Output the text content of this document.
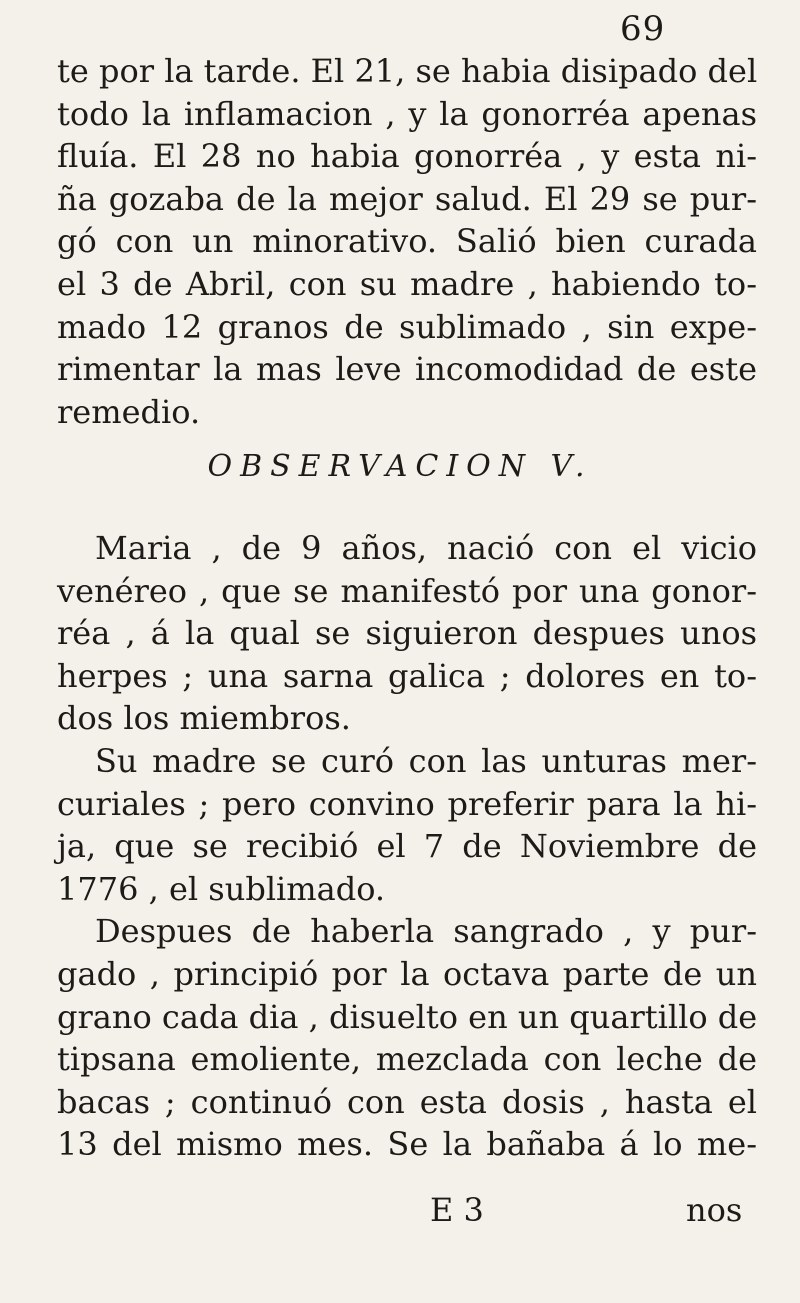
69
te por la tarde. El 21, se habia disipado del
todo la inflamacion , y la gonorréa apenas
fluía. El 28 no habia gonorréa , y esta ni-
ña gozaba de la mejor salud. El 29 se pur-
gó con un minorativo. Salió bien curada
el 3 de Abril, con su madre , habiendo to-
mado 12 granos de sublimado , sin expe-
rimentar la mas leve incomodidad de este
remedio.
OBSERVACION V.
Maria , de 9 años, nació con el vicio
venéreo , que se manifestó por una gonor-
réa , á la qual se siguieron despues unos
herpes ; una sarna galica ; dolores en to-
dos los miembros.
Su madre se curó con las unturas mer-
curiales ; pero convino preferir para la hi-
ja, que se recibió el 7 de Noviembre de
1776 , el sublimado.
Despues de haberla sangrado , y pur-
gado , principió por la octava parte de un
grano cada dia , disuelto en un quartillo de
tipsana emoliente, mezclada con leche de
bacas ; continuó con esta dosis , hasta el
13 del mismo mes. Se la bañaba á lo me-
E 3	nos
